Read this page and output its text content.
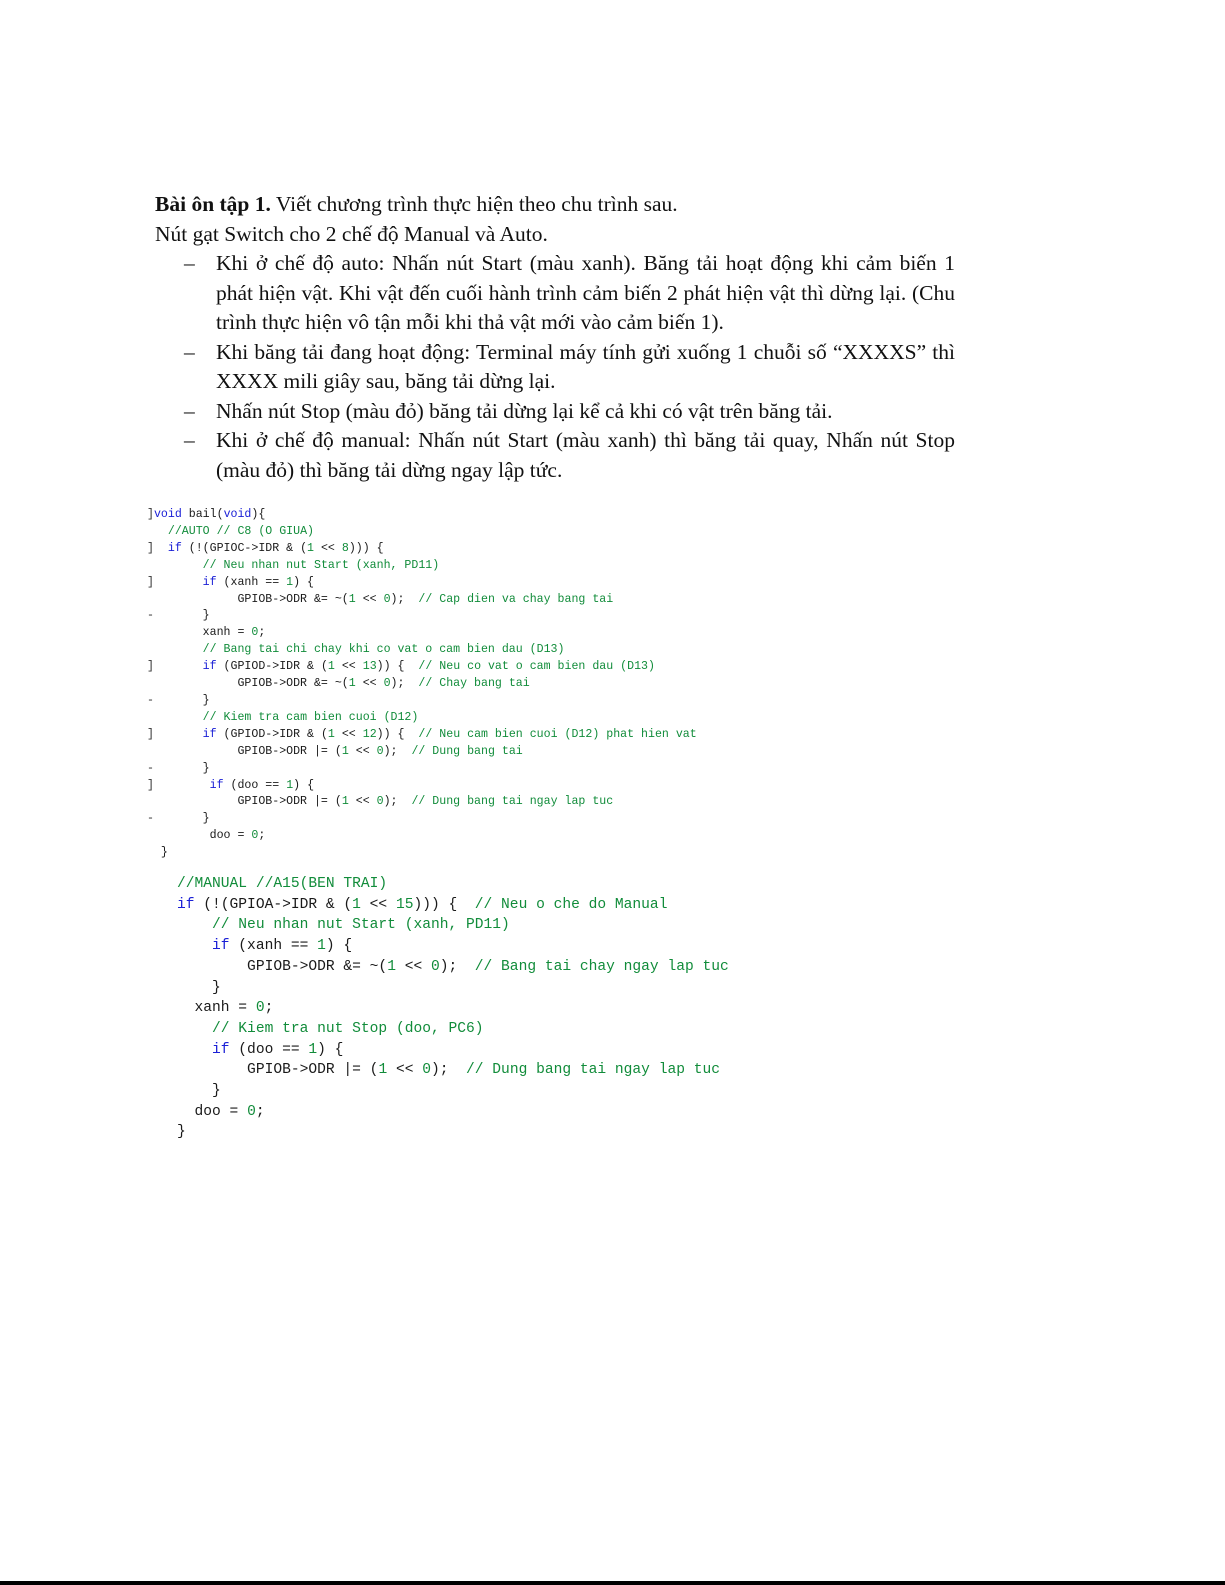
Bài ôn tập 1. Viết chương trình thực hiện theo chu trình sau.

Nút gạt Switch cho 2 chế độ Manual và Auto.

– Khi ở chế độ auto: Nhấn nút Start (màu xanh). Băng tải hoạt động khi cảm biến 1 phát hiện vật. Khi vật đến cuối hành trình cảm biến 2 phát hiện vật thì dừng lại. (Chu trình thực hiện vô tận mỗi khi thả vật mới vào cảm biến 1).
– Khi băng tải đang hoạt động: Terminal máy tính gửi xuống 1 chuỗi số “XXXXS” thì XXXX mili giây sau, băng tải dừng lại.
– Nhấn nút Stop (màu đỏ) băng tải dừng lại kể cả khi có vật trên băng tải.
– Khi ở chế độ manual: Nhấn nút Start (màu xanh) thì băng tải quay, Nhấn nút Stop (màu đỏ) thì băng tải dừng ngay lập tức.
]void bail(void){
//AUTO // C8 (O GIUA)
] if (!(GPIOC->IDR & (1 << 8))) {
// Neu nhan nut Start (xanh, PD11)
]	if (xanh == 1) {
GPIOB->ODR &= ~(1 << 0);  // Cap dien va chay bang tai
-       }
xanh = 0;
// Bang tai chi chay khi co vat o cam bien dau (D13)
]	if (GPIOD->IDR & (1 << 13)) {  // Neu co vat o cam bien dau (D13)
GPIOB->ODR &= ~(1 << 0);  // Chay bang tai
-       }
// Kiem tra cam bien cuoi (D12)
]	if (GPIOD->IDR & (1 << 12)) {  // Neu cam bien cuoi (D12) phat hien vat
GPIOB->ODR |= (1 << 0);  // Dung bang tai
-       }
]	if (doo == 1) {
GPIOB->ODR |= (1 << 0);  // Dung bang tai ngay lap tuc
-       }
doo = 0;
}
//MANUAL //A15(BEN TRAI)
if (!(GPIOA->IDR & (1 << 15))) {  // Neu o che do Manual
// Neu nhan nut Start (xanh, PD11)
if (xanh == 1) {
GPIOB->ODR &= ~(1 << 0);  // Bang tai chay ngay lap tuc
}
xanh = 0;
// Kiem tra nut Stop (doo, PC6)
if (doo == 1) {
GPIOB->ODR |= (1 << 0);  // Dung bang tai ngay lap tuc
}
doo = 0;
}
